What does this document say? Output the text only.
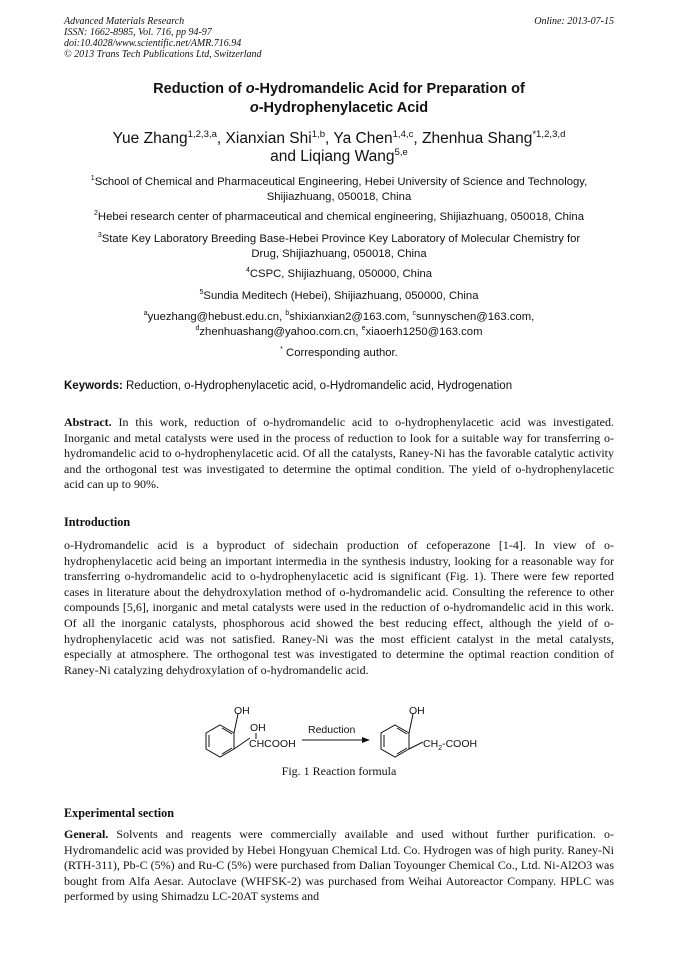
Advanced Materials Research
ISSN: 1662-8985, Vol. 716, pp 94-97
doi:10.4028/www.scientific.net/AMR.716.94
© 2013 Trans Tech Publications Ltd, Switzerland
Online: 2013-07-15
Reduction of o-Hydromandelic Acid for Preparation of
o-Hydrophenylacetic Acid
Yue Zhang$^{1,2,3,a}$, Xianxian Shi$^{1,b}$, Ya Chen$^{1,4,c}$, Zhenhua Shang$^{*1,2,3,d}$
and Liqiang Wang$^{5,e}$
$^1$School of Chemical and Pharmaceutical Engineering, Hebei University of Science and Technology,
Shijiazhuang, 050018, China
$^2$Hebei research center of pharmaceutical and chemical engineering, Shijiazhuang, 050018, China
$^3$State Key Laboratory Breeding Base-Hebei Province Key Laboratory of Molecular Chemistry for
Drug, Shijiazhuang, 050018, China
$^4$CSPC, Shijiazhuang, 050000, China
$^5$Sundia Meditech (Hebei), Shijiazhuang, 050000, China
$^a$yuezhang@hebust.edu.cn, $^b$shixianxian2@163.com, $^c$sunnyschen@163.com,
$^d$zhenhuashang@yahoo.com.cn, $^e$xiaoerh1250@163.com
* Corresponding author.
Keywords: Reduction, o-Hydrophenylacetic acid, o-Hydromandelic acid, Hydrogenation
Abstract. In this work, reduction of o-hydromandelic acid to o-hydrophenylacetic acid was investigated. Inorganic and metal catalysts were used in the process of reduction to look for a suitable way for transferring o-hydromandelic acid to o-hydrophenylacetic acid. Of all the catalysts, Raney-Ni has the favorable catalytic activity and the orthogonal test was investigated to determine the optimal condition. The yield of o-hydrophenylacetic acid can up to 90%.
Introduction
o-Hydromandelic acid is a byproduct of sidechain production of cefoperazone [1-4]. In view of o-hydrophenylacetic acid being an important intermedia in the synthesis industry, looking for a reasonable way for transferring o-hydromandelic acid to o-hydrophenylacetic acid is significant (Fig. 1). There were few reported cases in literature about the dehydroxylation method of o-hydromandelic acid. Consulting the reference to other compounds [5,6], inorganic and metal catalysts were used in the reduction of o-hydromandelic acid in this work. Of all the inorganic catalysts, phosphorous acid showed the best reducing effect, although the yield of o-hydrophenylacetic acid was not satisfied. Raney-Ni was the most efficient catalyst in the metal catalysts, especially at atmosphere. The orthogonal test was investigated to determine the optimal reaction condition of Raney-Ni catalyzing dehydroxylation of o-hydromandelic acid.
OH
OH
CHCOOH
Reduction
OH
$CH_2$-COOH
Fig. 1 Reaction formula
Experimental section
General. Solvents and reagents were commercially available and used without further purification. o-Hydromandelic acid was provided by Hebei Hongyuan Chemical Ltd. Co. Hydrogen was of high purity. Raney-Ni (RTH-311), Pb-C (5%) and Ru-C (5%) were purchased from Dalian Toyounger Chemical Co., Ltd. Ni-Al2O3 was bought from Alfa Aesar. Autoclave (WHFSK-2) was purchased from Weihai Autoreactor Company. HPLC was performed by using Shimadzu LC-20AT systems and
